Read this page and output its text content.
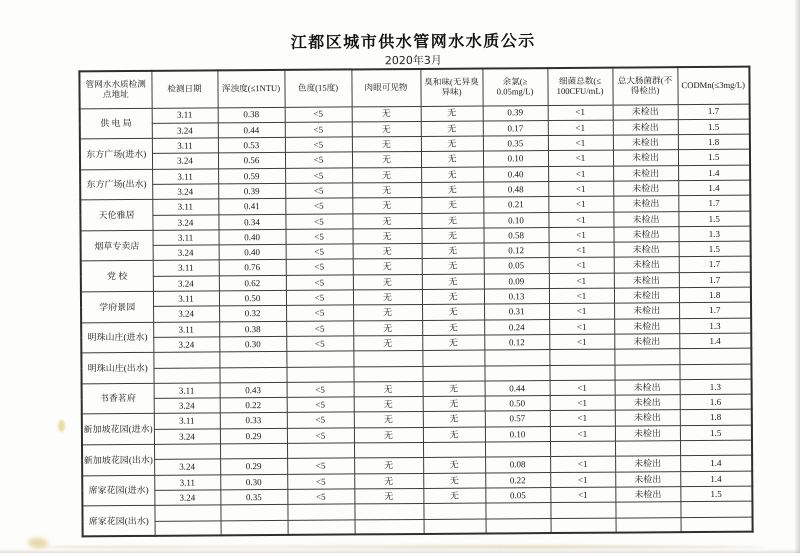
江都区城市供水管网水水质公示
2020年3月
管网水水质检测点地址	检测日期	浑浊度(≤1NTU)	色度(15度)	肉眼可见物	臭和味(无异臭异味)	余氯(≥ 0.05mg/L)	细菌总数(≤ 100CFU/mL)	总大肠菌群(不得检出)	CODMn(≤3mg/L)
供 电 局	3.11	0.38	<5	无	无	0.39	<1	未检出	1.7
	3.24	0.44	<5	无	无	0.17	<1	未检出	1.5
东方广场(进水)	3.11	0.53	<5	无	无	0.35	<1	未检出	1.8
	3.24	0.56	<5	无	无	0.10	<1	未检出	1.5
东方广场(出水)	3.11	0.59	<5	无	无	0.40	<1	未检出	1.4
	3.24	0.39	<5	无	无	0.48	<1	未检出	1.4
天伦雅居	3.11	0.41	<5	无	无	0.21	<1	未检出	1.7
	3.24	0.34	<5	无	无	0.10	<1	未检出	1.5
烟草专卖店	3.11	0.40	<5	无	无	0.58	<1	未检出	1.3
	3.24	0.40	<5	无	无	0.12	<1	未检出	1.5
党 校	3.11	0.76	<5	无	无	0.05	<1	未检出	1.7
	3.24	0.62	<5	无	无	0.09	<1	未检出	1.7
学府景园	3.11	0.50	<5	无	无	0.13	<1	未检出	1.8
	3.24	0.32	<5	无	无	0.31	<1	未检出	1.7
明珠山庄(进水)	3.11	0.38	<5	无	无	0.24	<1	未检出	1.3
	3.24	0.30	<5	无	无	0.12	<1	未检出	1.4
明珠山庄(出水)									

书香茗府	3.11	0.43	<5	无	无	0.44	<1	未检出	1.3
	3.24	0.22	<5	无	无	0.50	<1	未检出	1.6
新加坡花园(进水)	3.11	0.33	<5	无	无	0.57	<1	未检出	1.8
	3.24	0.29	<5	无	无	0.10	<1	未检出	1.5
新加坡花园(出水)									
	3.24	0.29	<5	无	无	0.08	<1	未检出	1.4
席家花园(进水)	3.11	0.30	<5	无	无	0.22	<1	未检出	1.4
	3.24	0.35	<5	无	无	0.05	<1	未检出	1.5
席家花园(出水)									
